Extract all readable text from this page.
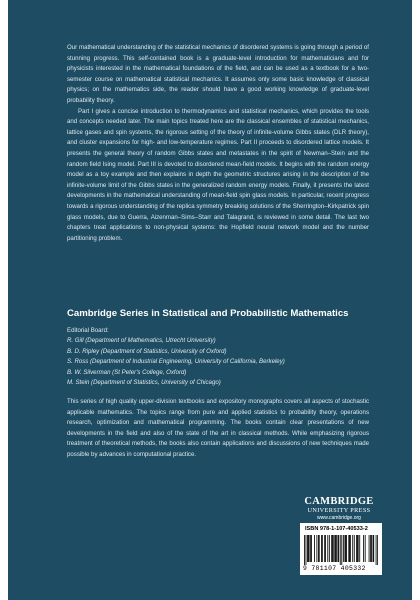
Our mathematical understanding of the statistical mechanics of disordered systems is going through a period of stunning progress. This self-contained book is a graduate-level introduction for mathematicians and for physicists interested in the mathematical foundations of the field, and can be used as a textbook for a two-semester course on mathematical statistical mechanics. It assumes only some basic knowledge of classical physics; on the mathematics side, the reader should have a good working knowledge of graduate-level probability theory.

Part I gives a concise introduction to thermodynamics and statistical mechanics, which provides the tools and concepts needed later. The main topics treated here are the classical ensembles of statistical mechanics, lattice gases and spin systems, the rigorous setting of the theory of infinite-volume Gibbs states (DLR theory), and cluster expansions for high- and low-temperature regimes. Part II proceeds to disordered lattice models. It presents the general theory of random Gibbs states and metastates in the spirit of Newman–Stein and the random field Ising model. Part III is devoted to disordered mean-field models. It begins with the random energy model as a toy example and then explains in depth the geometric structures arising in the description of the infinite-volume limit of the Gibbs states in the generalized random energy models. Finally, it presents the latest developments in the mathematical understanding of mean-field spin glass models. In particular, recent progress towards a rigorous understanding of the replica symmetry breaking solutions of the Sherrington–Kirkpatrick spin glass models, due to Guerra, Aizenman–Sims–Starr and Talagrand, is reviewed in some detail. The last two chapters treat applications to non-physical systems: the Hopfield neural network model and the number partitioning problem.

Cambridge Series in Statistical and Probabilistic Mathematics
Editorial Board:
R. Gill (Department of Mathematics, Utrecht University)
B. D. Ripley (Department of Statistics, University of Oxford)
S. Ross (Department of Industrial Engineering, University of California, Berkeley)
B. W. Silverman (St Peter's College, Oxford)
M. Stein (Department of Statistics, University of Chicago)
This series of high quality upper-division textbooks and expository monographs covers all aspects of stochastic applicable mathematics. The topics range from pure and applied statistics to probability theory, operations research, optimization and mathematical programming. The books contain clear presentations of new developments in the field and also of the state of the art in classical methods. While emphasizing rigorous treatment of theoretical methods, the books also contain applications and discussions of new techniques made possible by advances in computational practice.
CAMBRIDGE
UNIVERSITY PRESS
www.cambridge.org
ISBN 978-1-107-40533-2
9 781107 405332
